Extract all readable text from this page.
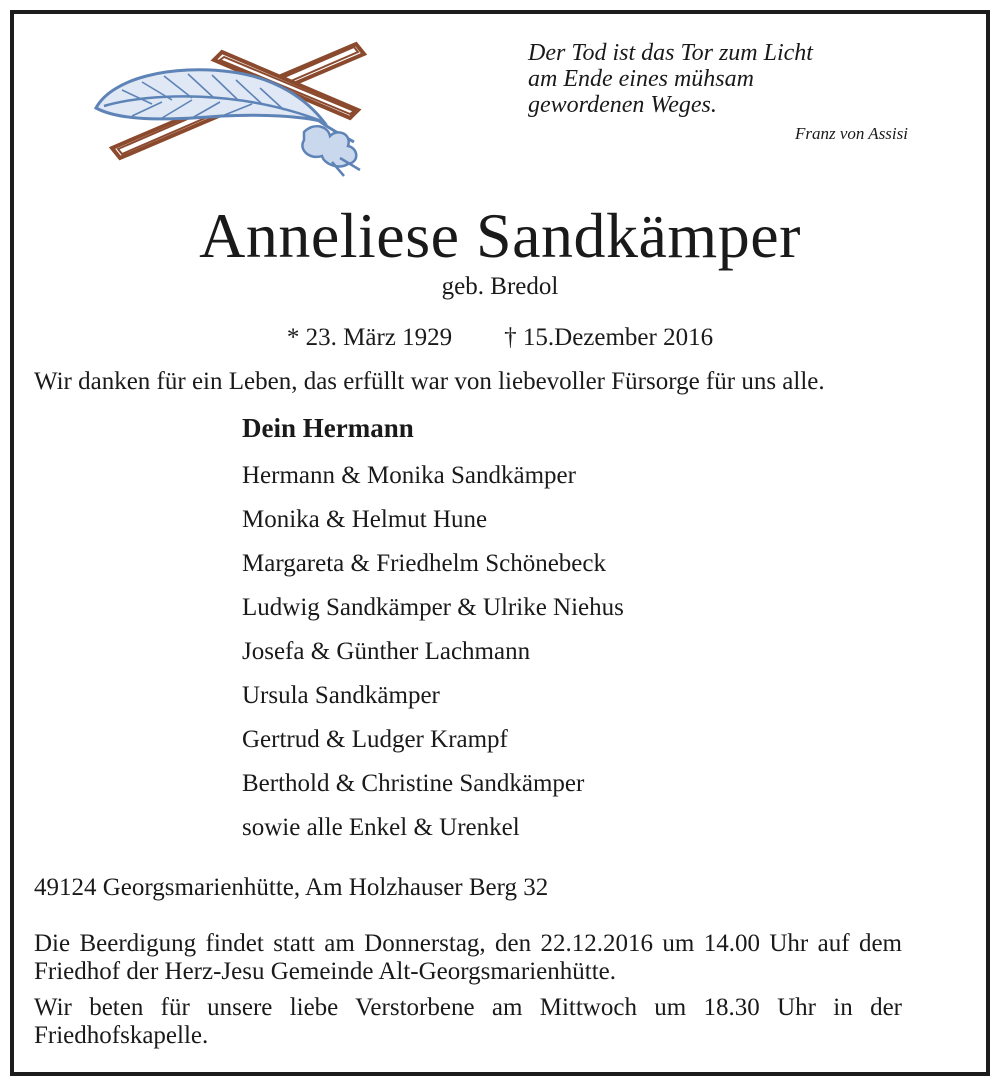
Der Tod ist das Tor zum Licht
am Ende eines mühsam
gewordenen Weges.
Franz von Assisi
Anneliese Sandkämper
geb. Bredol
* 23. März 1929 † 15.Dezember 2016
Wir danken für ein Leben, das erfüllt war von liebevoller Fürsorge für uns alle.
Dein Hermann
Hermann & Monika Sandkämper
Monika & Helmut Hune
Margareta & Friedhelm Schönebeck
Ludwig Sandkämper & Ulrike Niehus
Josefa & Günther Lachmann
Ursula Sandkämper
Gertrud & Ludger Krampf
Berthold & Christine Sandkämper
sowie alle Enkel & Urenkel
49124 Georgsmarienhütte, Am Holzhauser Berg 32

Die Beerdigung findet statt am Donnerstag, den 22.12.2016 um 14.00 Uhr auf dem Friedhof der Herz-Jesu Gemeinde Alt-Georgsmarienhütte.

Wir beten für unsere liebe Verstorbene am Mittwoch um 18.30 Uhr in der Friedhofskapelle.
